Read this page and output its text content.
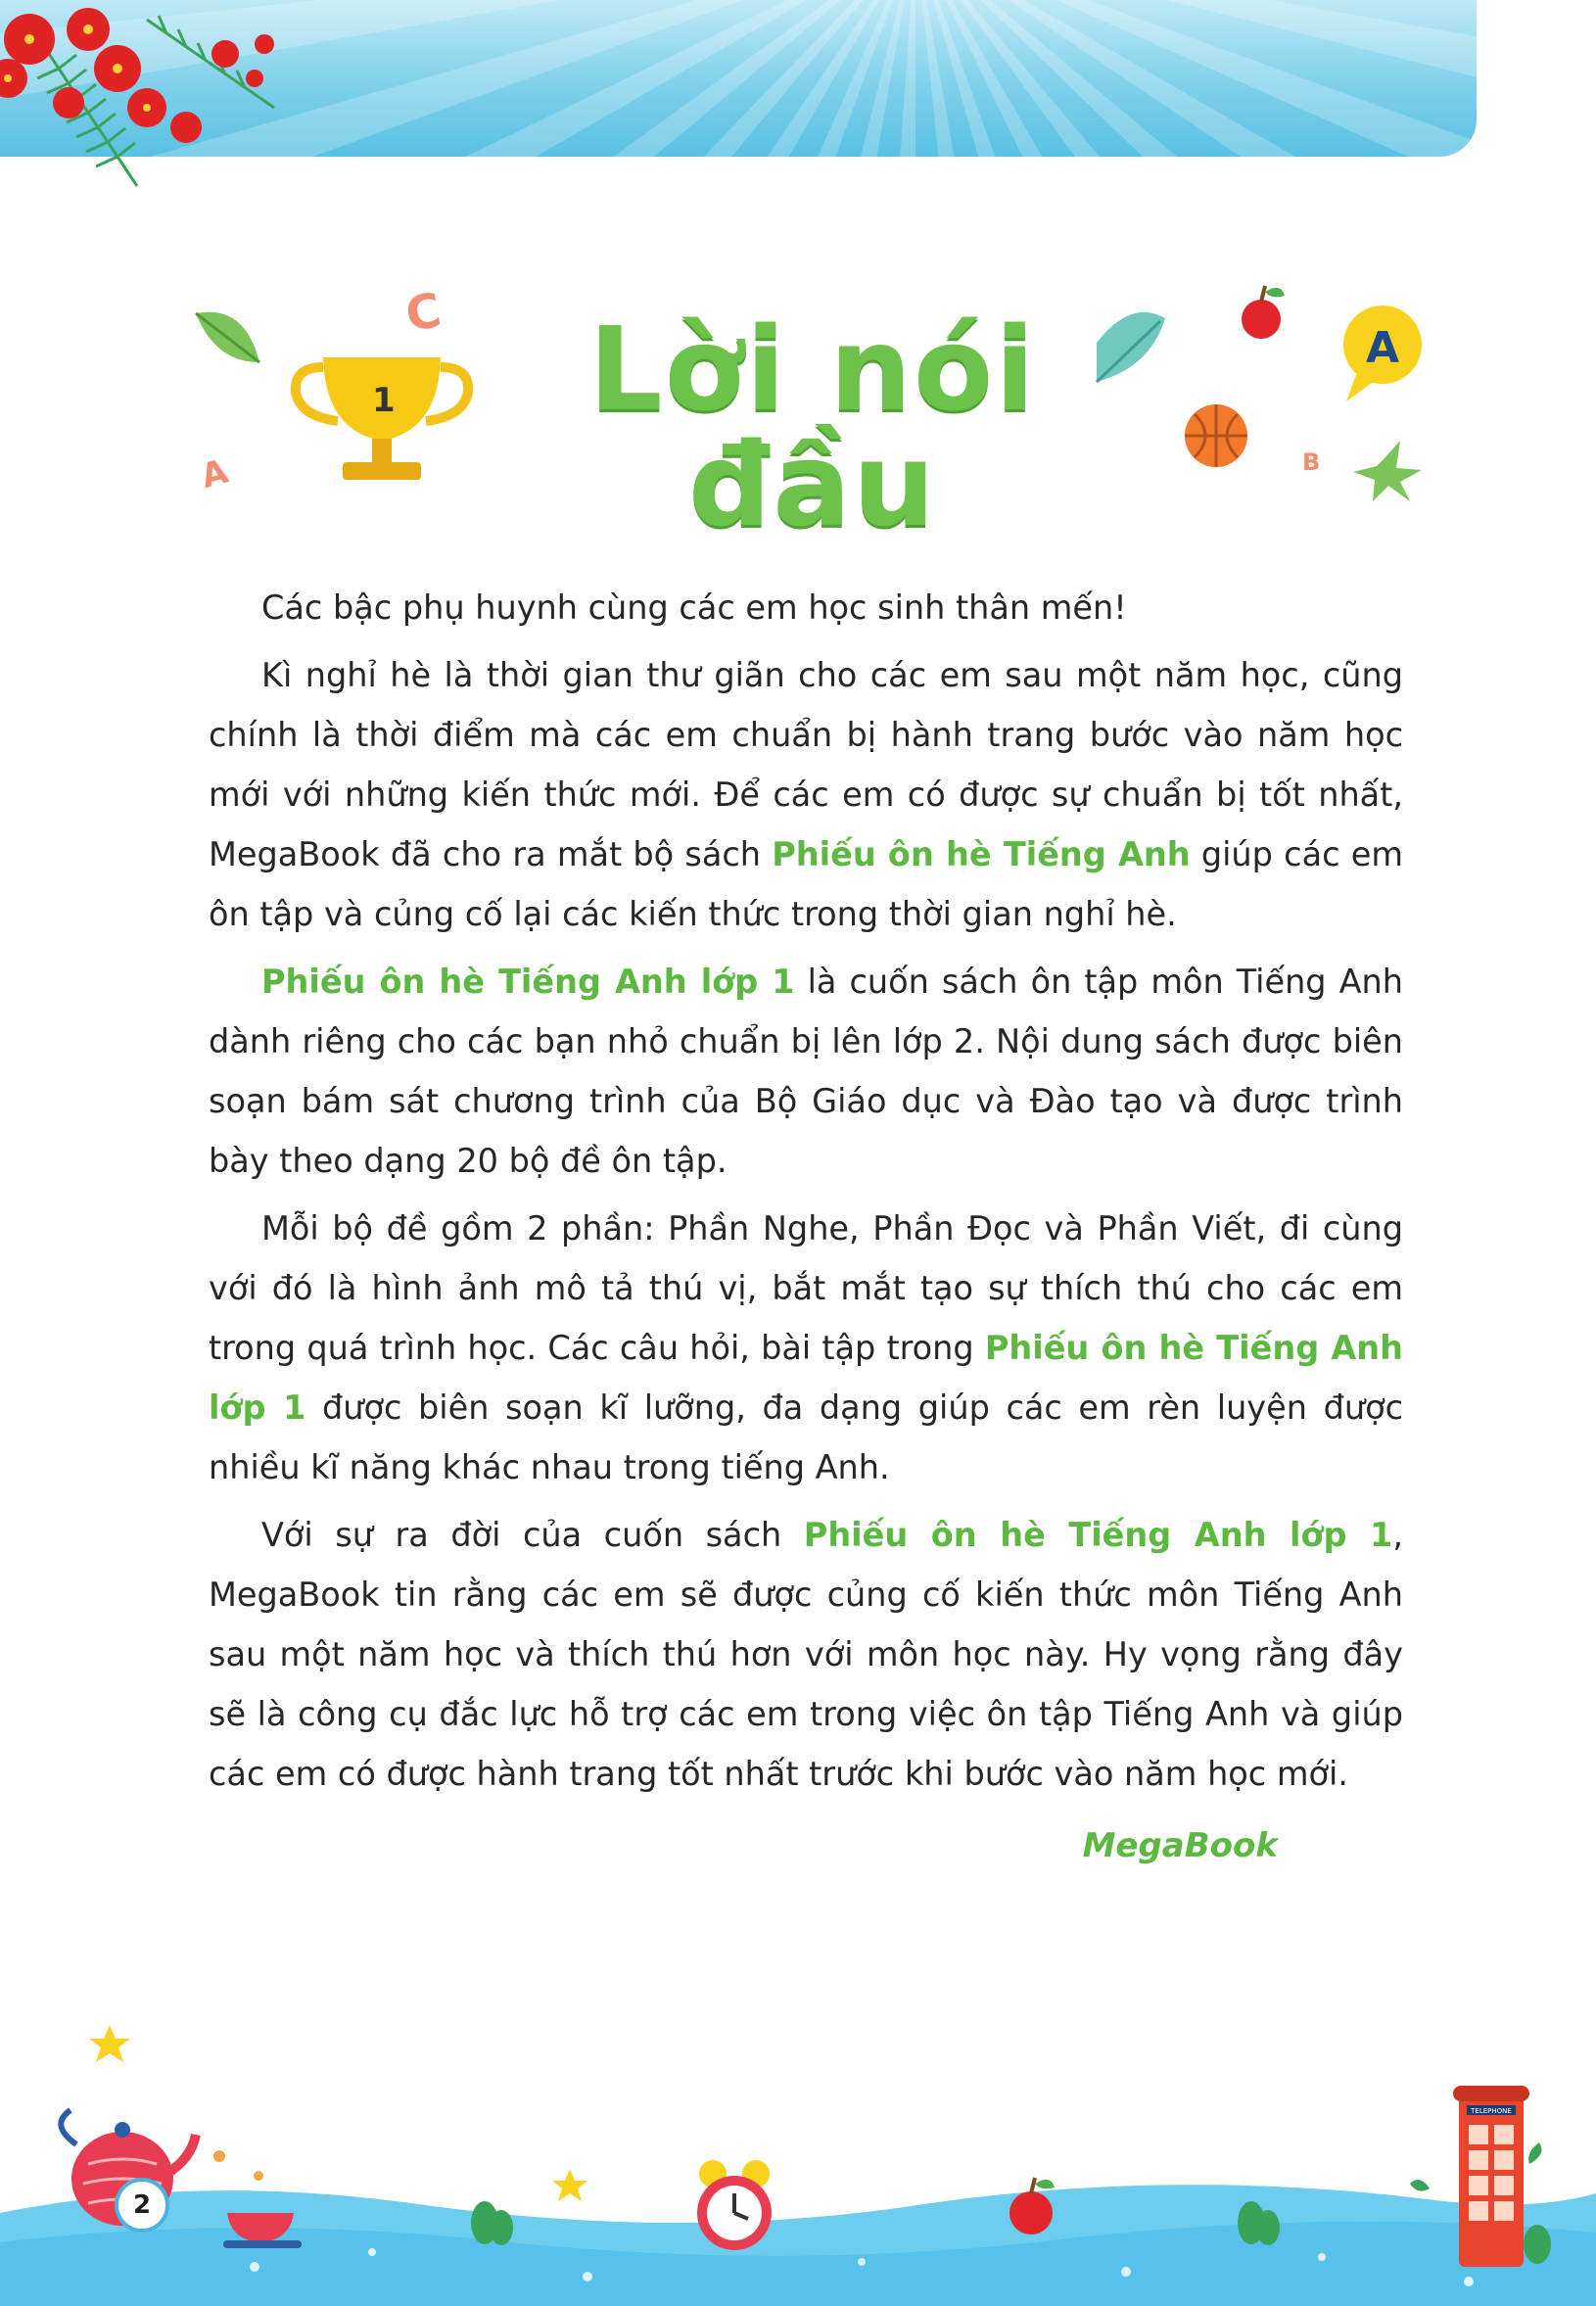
C
A
1
A
B
Lời nói đầu

Các bậc phụ huynh cùng các em học sinh thân mến!

Kì nghỉ hè là thời gian thư giãn cho các em sau một năm học, cũng chính là thời điểm mà các em chuẩn bị hành trang bước vào năm học mới với những kiến thức mới. Để các em có được sự chuẩn bị tốt nhất, MegaBook đã cho ra mắt bộ sách Phiếu ôn hè Tiếng Anh giúp các em ôn tập và củng cố lại các kiến thức trong thời gian nghỉ hè.

Phiếu ôn hè Tiếng Anh lớp 1 là cuốn sách ôn tập môn Tiếng Anh dành riêng cho các bạn nhỏ chuẩn bị lên lớp 2. Nội dung sách được biên soạn bám sát chương trình của Bộ Giáo dục và Đào tạo và được trình bày theo dạng 20 bộ đề ôn tập.

Mỗi bộ đề gồm 2 phần: Phần Nghe, Phần Đọc và Phần Viết, đi cùng với đó là hình ảnh mô tả thú vị, bắt mắt tạo sự thích thú cho các em trong quá trình học. Các câu hỏi, bài tập trong Phiếu ôn hè Tiếng Anh lớp 1 được biên soạn kĩ lưỡng, đa dạng giúp các em rèn luyện được nhiều kĩ năng khác nhau trong tiếng Anh.

Với sự ra đời của cuốn sách Phiếu ôn hè Tiếng Anh lớp 1, MegaBook tin rằng các em sẽ được củng cố kiến thức môn Tiếng Anh sau một năm học và thích thú hơn với môn học này. Hy vọng rằng đây sẽ là công cụ đắc lực hỗ trợ các em trong việc ôn tập Tiếng Anh và giúp các em có được hành trang tốt nhất trước khi bước vào năm học mới.

MegaBook
TELEPHONE
2
